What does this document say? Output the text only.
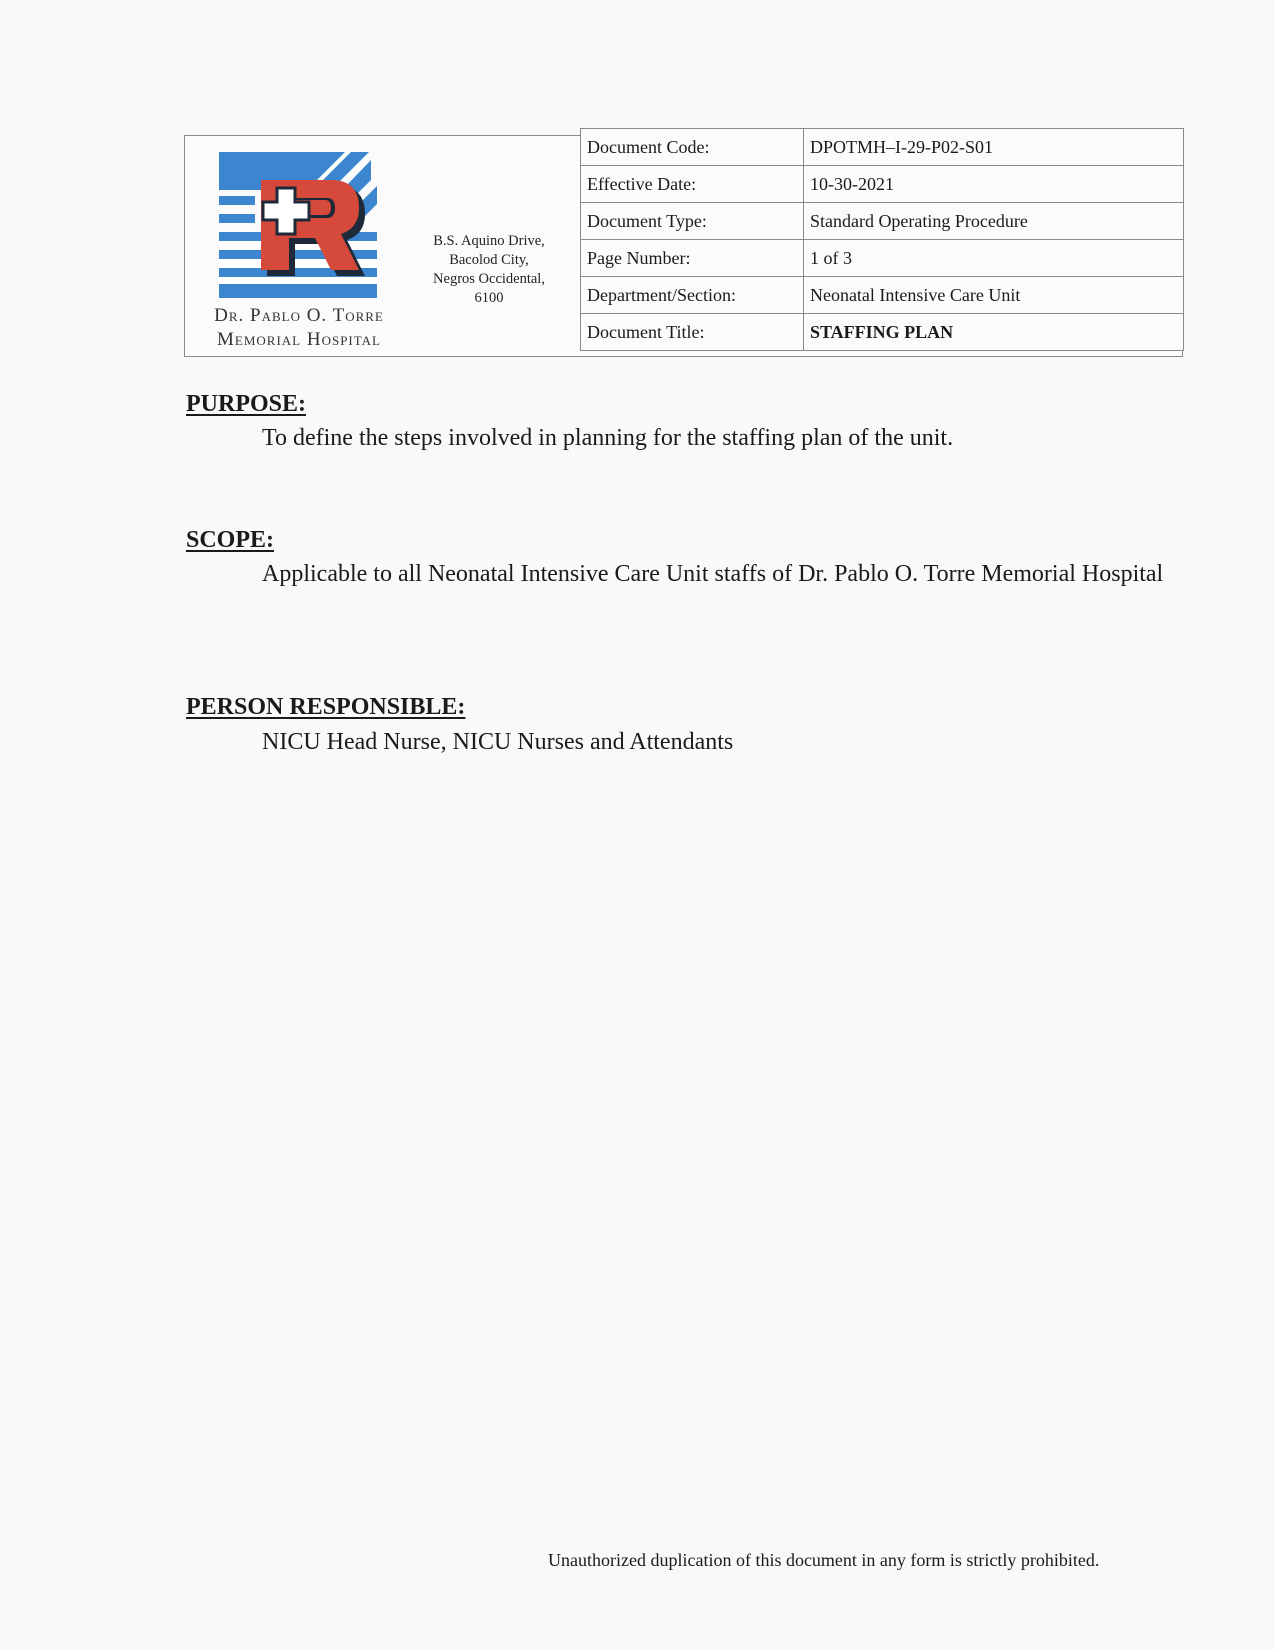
Dr. Pablo O. Torre
Memorial Hospital
B.S. Aquino Drive,
Bacolod City,
Negros Occidental,
6100
Document Code:	DPOTMH–I-29-P02-S01
Effective Date:	10-30-2021
Document Type:	Standard Operating Procedure
Page Number:	1 of 3
Department/Section:	Neonatal Intensive Care Unit
Document Title:	STAFFING PLAN
PURPOSE:
To define the steps involved in planning for the staffing plan of the unit.
SCOPE:
Applicable to all Neonatal Intensive Care Unit staffs of Dr. Pablo O. Torre Memorial Hospital
PERSON RESPONSIBLE:
NICU Head Nurse, NICU Nurses and Attendants
Unauthorized duplication of this document in any form is strictly prohibited.
